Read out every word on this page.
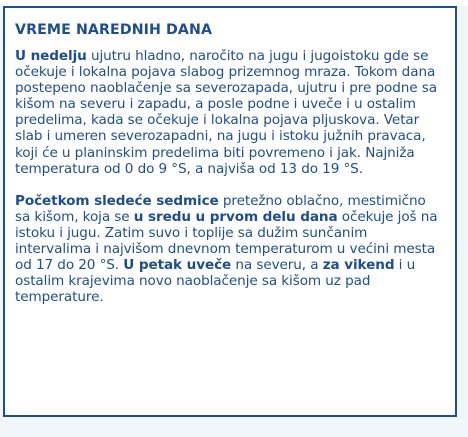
VREME NAREDNIH DANA

U nedelju ujutru hladno, naročito na jugu i jugoistoku gde se očekuje i lokalna pojava slabog prizemnog mraza. Tokom dana postepeno naoblačenje sa severozapada, ujutru i pre podne sa kišom na severu i zapadu, a posle podne i uveče i u ostalim predelima, kada se očekuje i lokalna pojava pljuskova. Vetar slab i umeren severozapadni, na jugu i istoku južnih pravaca, koji će u planinskim predelima biti povremeno i jak. Najniža temperatura od 0 do 9 °S, a najviša od 13 do 19 °S.

Početkom sledeće sedmice pretežno oblačno, mestimično sa kišom, koja se u sredu u prvom delu dana očekuje još na istoku i jugu. Zatim suvo i toplije sa dužim sunčanim intervalima i najvišom dnevnom temperaturom u većini mesta od 17 do 20 °S. U petak uveče na severu, a za vikend i u ostalim krajevima novo naoblačenje sa kišom uz pad temperature.
